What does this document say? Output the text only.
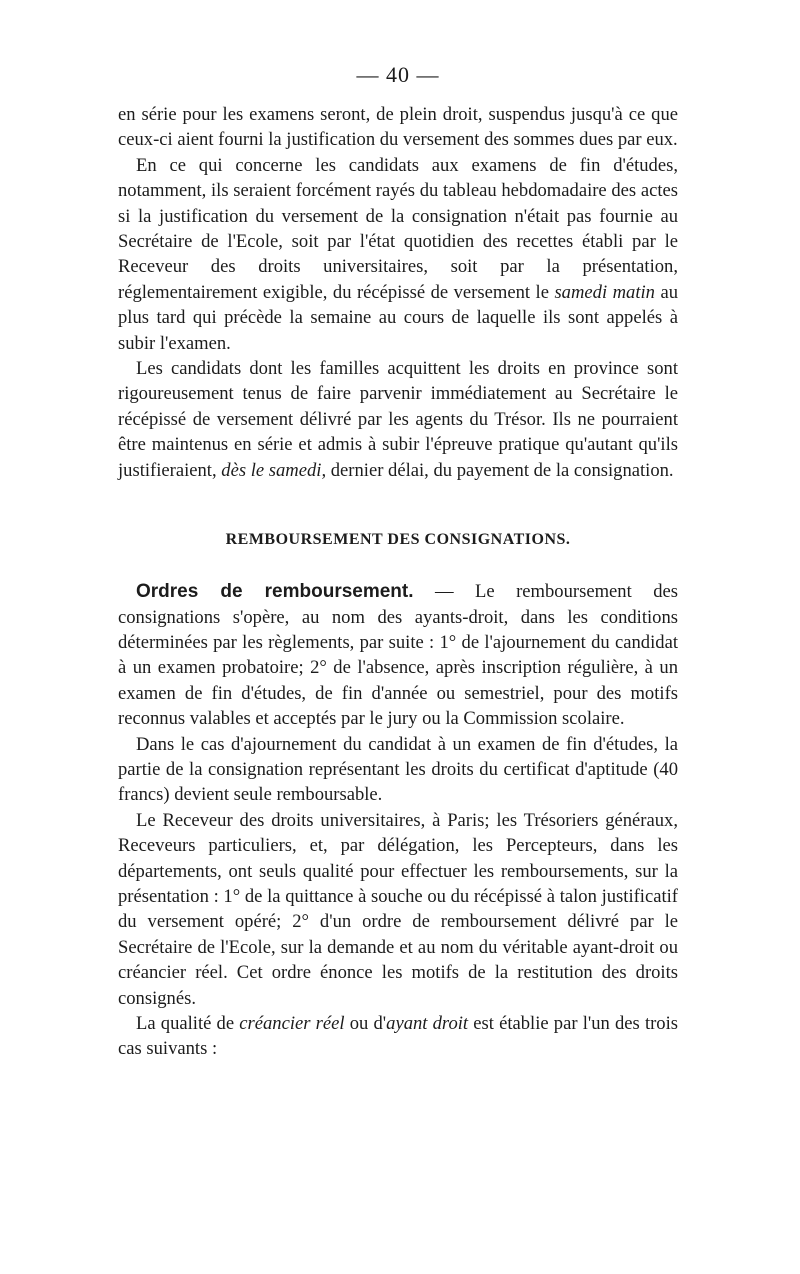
— 40 —

en série pour les examens seront, de plein droit, suspendus jusqu'à ce que ceux-ci aient fourni la justification du versement des sommes dues par eux.

En ce qui concerne les candidats aux examens de fin d'études, notamment, ils seraient forcément rayés du tableau hebdomadaire des actes si la justification du versement de la consignation n'était pas fournie au Secrétaire de l'Ecole, soit par l'état quotidien des recettes établi par le Receveur des droits universitaires, soit par la présentation, réglementairement exigible, du récépissé de versement le samedi matin au plus tard qui précède la semaine au cours de laquelle ils sont appelés à subir l'examen.

Les candidats dont les familles acquittent les droits en province sont rigoureusement tenus de faire parvenir immédiatement au Secrétaire le récépissé de versement délivré par les agents du Trésor. Ils ne pourraient être maintenus en série et admis à subir l'épreuve pratique qu'autant qu'ils justifieraient, dès le samedi, dernier délai, du payement de la consignation.

REMBOURSEMENT DES CONSIGNATIONS.

Ordres de remboursement. — Le remboursement des consignations s'opère, au nom des ayants-droit, dans les conditions déterminées par les règlements, par suite : 1° de l'ajournement du candidat à un examen probatoire; 2° de l'absence, après inscription régulière, à un examen de fin d'études, de fin d'année ou semestriel, pour des motifs reconnus valables et acceptés par le jury ou la Commission scolaire.

Dans le cas d'ajournement du candidat à un examen de fin d'études, la partie de la consignation représentant les droits du certificat d'aptitude (40 francs) devient seule remboursable.

Le Receveur des droits universitaires, à Paris; les Trésoriers généraux, Receveurs particuliers, et, par délégation, les Percepteurs, dans les départements, ont seuls qualité pour effectuer les remboursements, sur la présentation : 1° de la quittance à souche ou du récépissé à talon justificatif du versement opéré; 2° d'un ordre de remboursement délivré par le Secrétaire de l'Ecole, sur la demande et au nom du véritable ayant-droit ou créancier réel. Cet ordre énonce les motifs de la restitution des droits consignés.

La qualité de créancier réel ou d'ayant droit est établie par l'un des trois cas suivants :
